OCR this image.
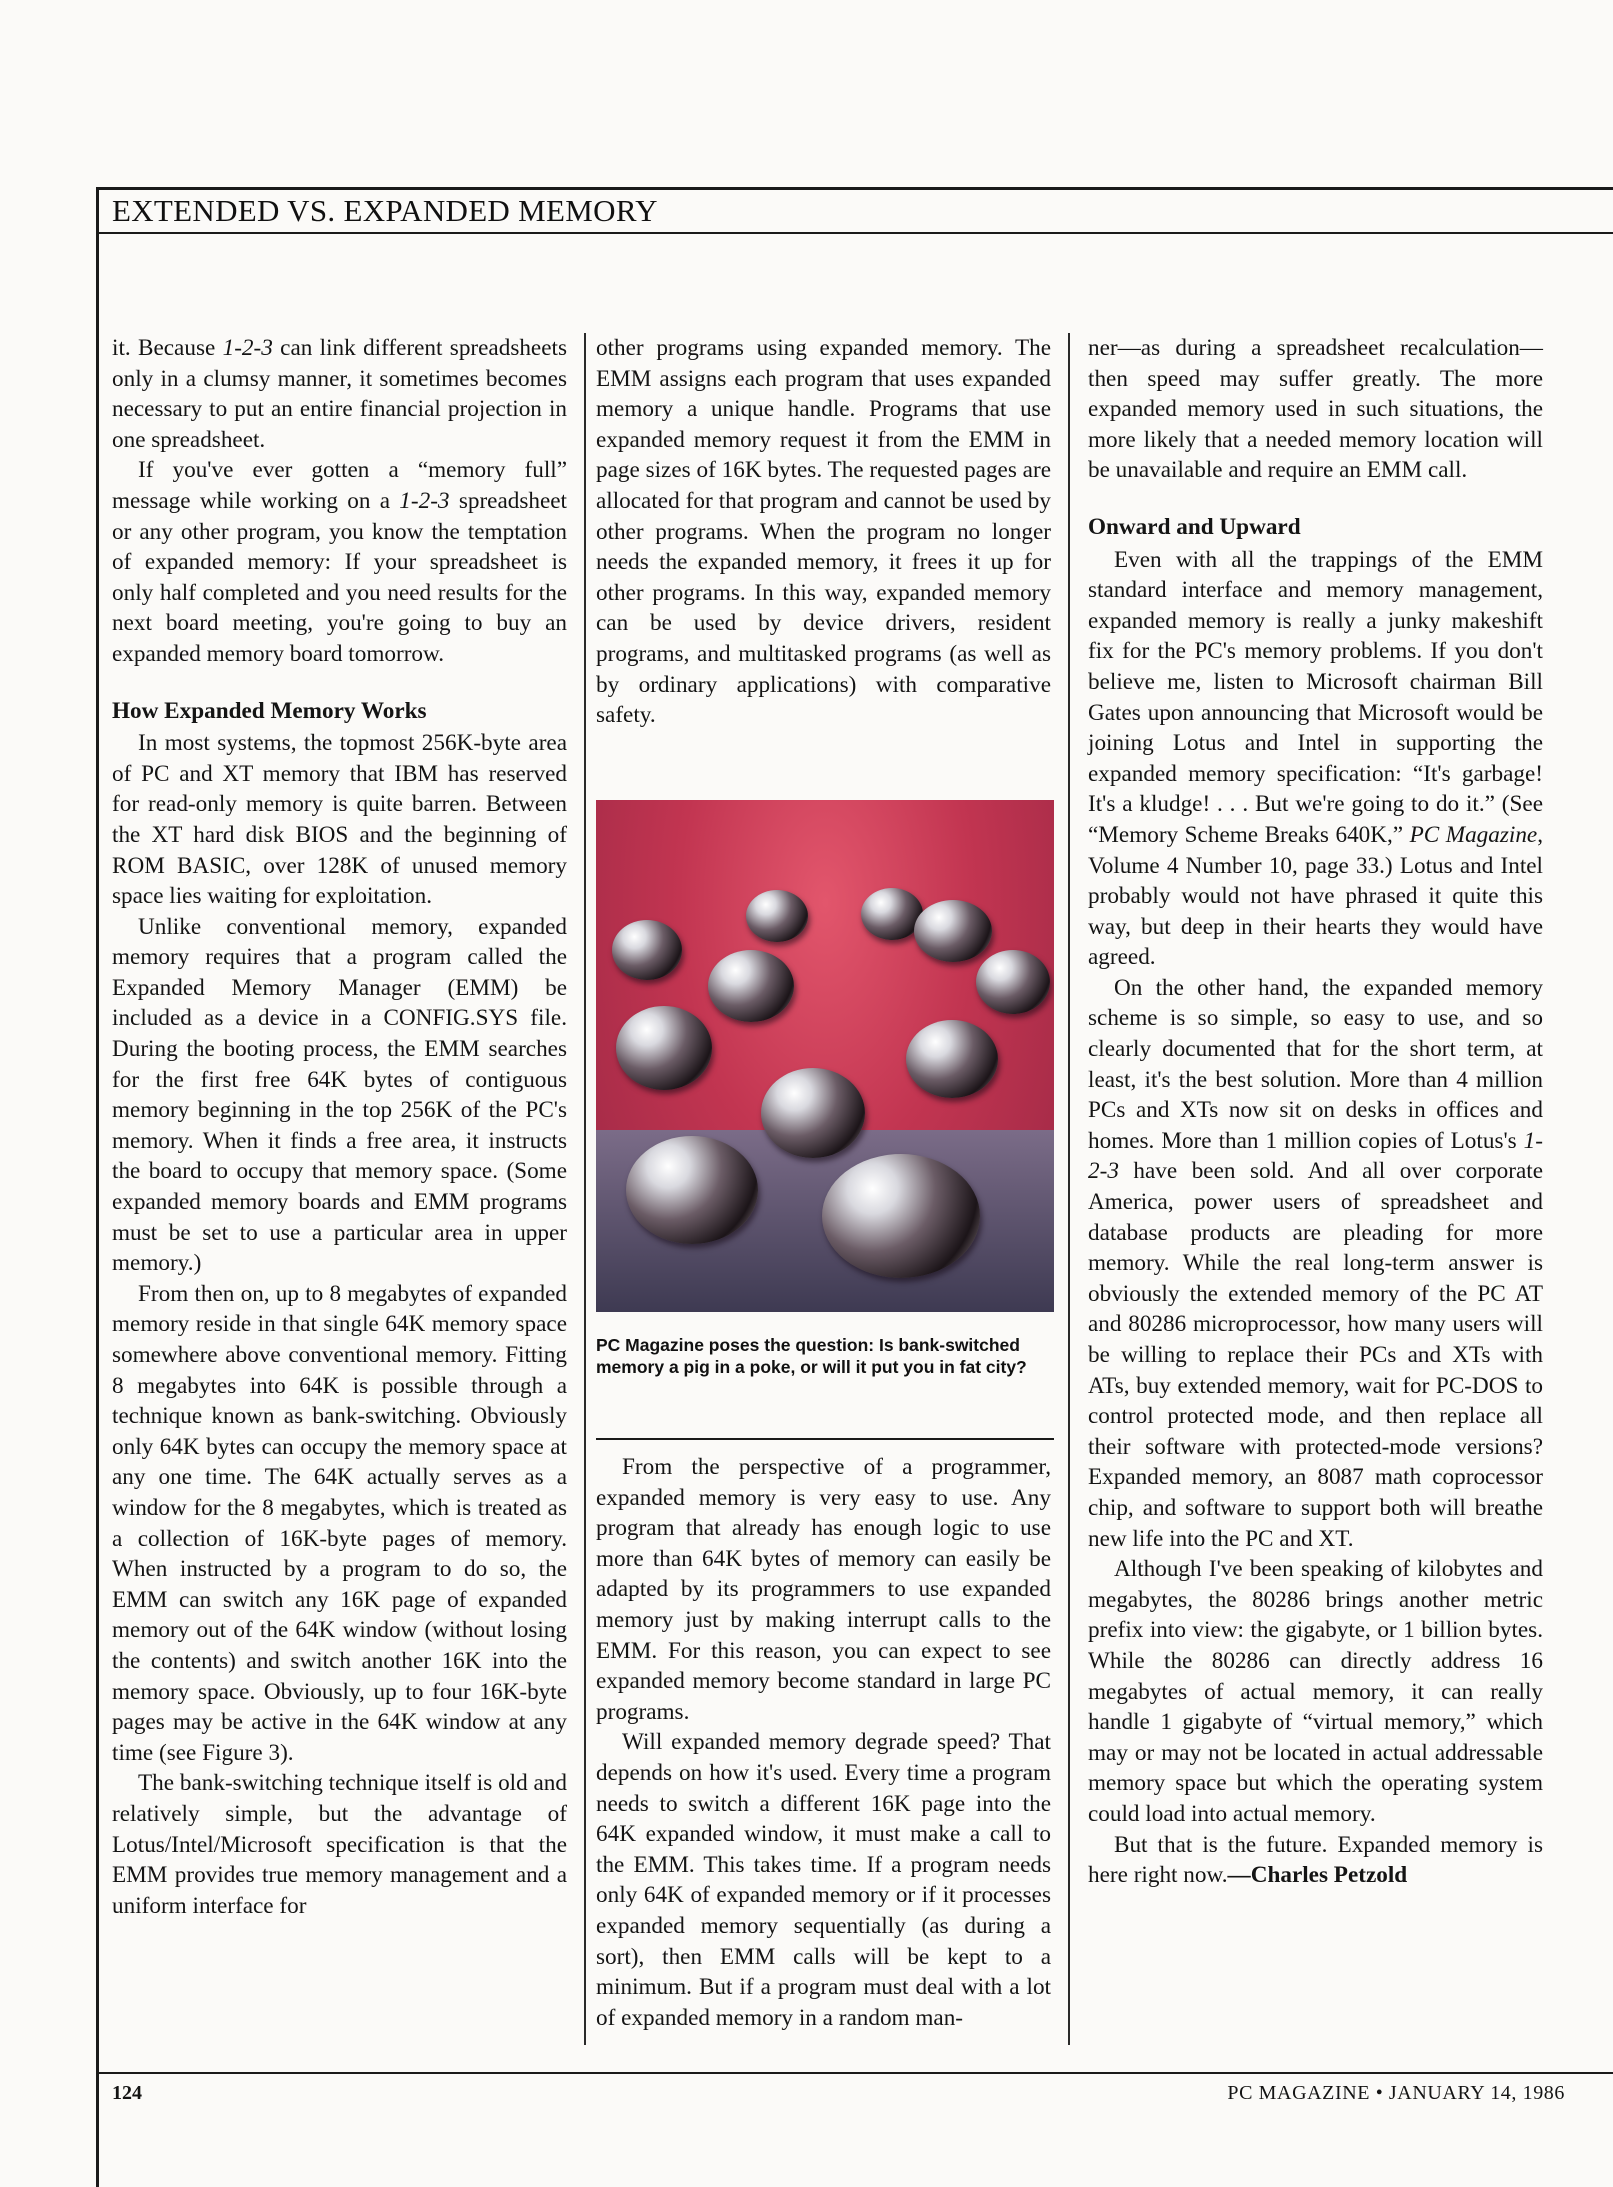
EXTENDED VS. EXPANDED MEMORY

it. Because 1-2-3 can link different spreadsheets only in a clumsy manner, it sometimes becomes necessary to put an entire financial projection in one spreadsheet.

If you've ever gotten a “memory full” message while working on a 1-2-3 spreadsheet or any other program, you know the temptation of expanded memory: If your spreadsheet is only half completed and you need results for the next board meeting, you're going to buy an expanded memory board tomorrow.

How Expanded Memory Works

In most systems, the topmost 256K-byte area of PC and XT memory that IBM has reserved for read-only memory is quite barren. Between the XT hard disk BIOS and the beginning of ROM BASIC, over 128K of unused memory space lies waiting for exploitation.

Unlike conventional memory, expanded memory requires that a program called the Expanded Memory Manager (EMM) be included as a device in a CONFIG.SYS file. During the booting process, the EMM searches for the first free 64K bytes of contiguous memory beginning in the top 256K of the PC's memory. When it finds a free area, it instructs the board to occupy that memory space. (Some expanded memory boards and EMM programs must be set to use a particular area in upper memory.)

From then on, up to 8 megabytes of expanded memory reside in that single 64K memory space somewhere above conventional memory. Fitting 8 megabytes into 64K is possible through a technique known as bank-switching. Obviously only 64K bytes can occupy the memory space at any one time. The 64K actually serves as a window for the 8 megabytes, which is treated as a collection of 16K-byte pages of memory. When instructed by a program to do so, the EMM can switch any 16K page of expanded memory out of the 64K window (without losing the contents) and switch another 16K into the memory space. Obviously, up to four 16K-byte pages may be active in the 64K window at any time (see Figure 3).

The bank-switching technique itself is old and relatively simple, but the advantage of Lotus/Intel/Microsoft specification is that the EMM provides true memory management and a uniform interface for

other programs using expanded memory. The EMM assigns each program that uses expanded memory a unique handle. Programs that use expanded memory request it from the EMM in page sizes of 16K bytes. The requested pages are allocated for that program and cannot be used by other programs. When the program no longer needs the expanded memory, it frees it up for other programs. In this way, expanded memory can be used by device drivers, resident programs, and multitasked programs (as well as by ordinary applications) with comparative safety.

PC Magazine poses the question: Is bank-switched memory a pig in a poke, or will it put you in fat city?

From the perspective of a programmer, expanded memory is very easy to use. Any program that already has enough logic to use more than 64K bytes of memory can easily be adapted by its programmers to use expanded memory just by making interrupt calls to the EMM. For this reason, you can expect to see expanded memory become standard in large PC programs.

Will expanded memory degrade speed? That depends on how it's used. Every time a program needs to switch a different 16K page into the 64K expanded window, it must make a call to the EMM. This takes time. If a program needs only 64K of expanded memory or if it processes expanded memory sequentially (as during a sort), then EMM calls will be kept to a minimum. But if a program must deal with a lot of expanded memory in a random man-

ner—as during a spreadsheet recalculation—then speed may suffer greatly. The more expanded memory used in such situations, the more likely that a needed memory location will be unavailable and require an EMM call.

Onward and Upward

Even with all the trappings of the EMM standard interface and memory management, expanded memory is really a junky makeshift fix for the PC's memory problems. If you don't believe me, listen to Microsoft chairman Bill Gates upon announcing that Microsoft would be joining Lotus and Intel in supporting the expanded memory specification: “It's garbage! It's a kludge! . . . But we're going to do it.” (See “Memory Scheme Breaks 640K,” PC Magazine, Volume 4 Number 10, page 33.) Lotus and Intel probably would not have phrased it quite this way, but deep in their hearts they would have agreed.

On the other hand, the expanded memory scheme is so simple, so easy to use, and so clearly documented that for the short term, at least, it's the best solution. More than 4 million PCs and XTs now sit on desks in offices and homes. More than 1 million copies of Lotus's 1-2-3 have been sold. And all over corporate America, power users of spreadsheet and database products are pleading for more memory. While the real long-term answer is obviously the extended memory of the PC AT and 80286 microprocessor, how many users will be willing to replace their PCs and XTs with ATs, buy extended memory, wait for PC-DOS to control protected mode, and then replace all their software with protected-mode versions? Expanded memory, an 8087 math coprocessor chip, and software to support both will breathe new life into the PC and XT.

Although I've been speaking of kilobytes and megabytes, the 80286 brings another metric prefix into view: the gigabyte, or 1 billion bytes. While the 80286 can directly address 16 megabytes of actual memory, it can really handle 1 gigabyte of “virtual memory,” which may or may not be located in actual addressable memory space but which the operating system could load into actual memory.

But that is the future. Expanded memory is here right now.—Charles Petzold

124	PC MAGAZINE • JANUARY 14, 1986
